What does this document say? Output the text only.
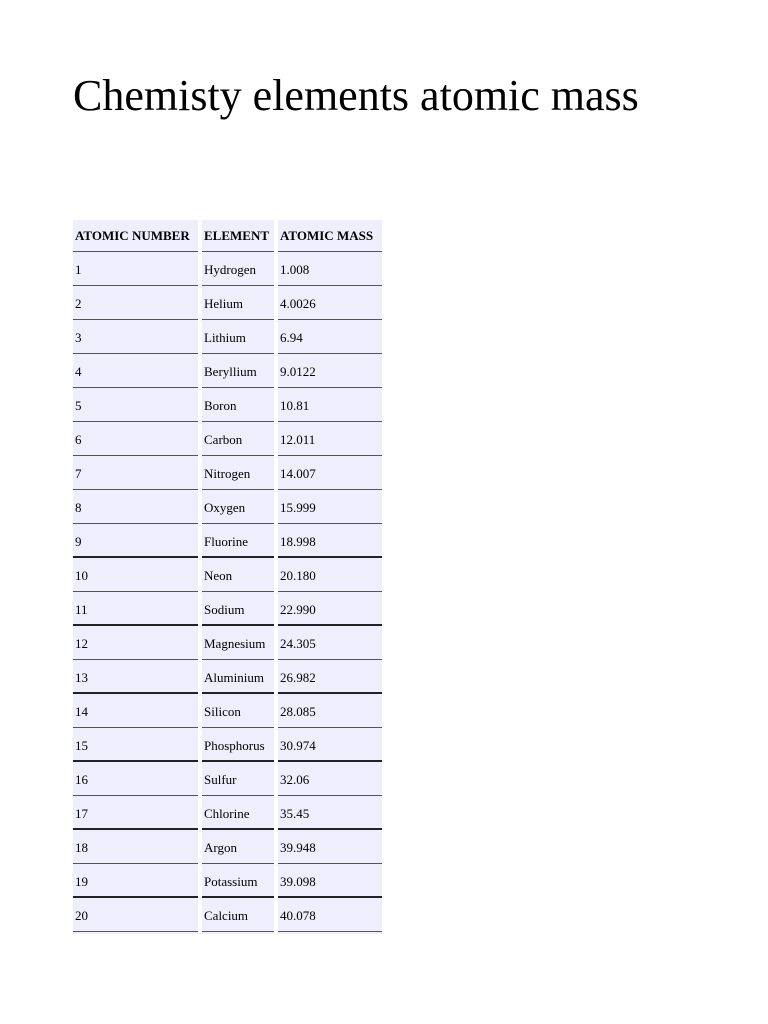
Chemisty elements atomic mass
ATOMIC NUMBER	ELEMENT	ATOMIC MASS
1	Hydrogen	1.008
2	Helium	4.0026
3	Lithium	6.94
4	Beryllium	9.0122
5	Boron	10.81
6	Carbon	12.011
7	Nitrogen	14.007
8	Oxygen	15.999
9	Fluorine	18.998
10	Neon	20.180
11	Sodium	22.990
12	Magnesium	24.305
13	Aluminium	26.982
14	Silicon	28.085
15	Phosphorus	30.974
16	Sulfur	32.06
17	Chlorine	35.45
18	Argon	39.948
19	Potassium	39.098
20	Calcium	40.078
